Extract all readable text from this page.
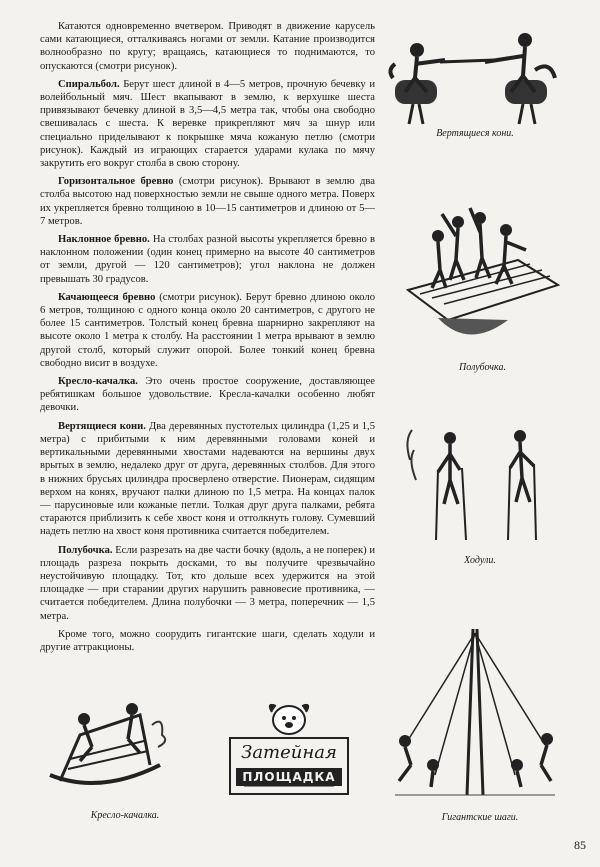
Катаются одновременно вчетвером. Приводят в движение карусель сами катающиеся, отталкиваясь ногами от земли. Катание производится волнообразно по кругу; вращаясь, катающиеся то поднимаются, то опускаются (смотри рисунок).

Спиральбол. Берут шест длиной в 4—5 метров, прочную бечевку и волейбольный мяч. Шест вкапывают в землю, к верхушке шеста привязывают бечевку длиной в 3,5—4,5 метра так, чтобы она свободно свешивалась с шеста. К веревке прикрепляют мяч за шнур или специально приделывают к покрышке мяча кожаную петлю (смотри рисунок). Каждый из играющих старается ударами кулака по мячу закрутить его вокруг столба в свою сторону.

Горизонтальное бревно (смотри рисунок). Врывают в землю два столба высотою над поверхностью земли не свыше одного метра. Поверх их укрепляется бревно толщиною в 10—15 сантиметров и длиною от 5—7 метров.

Наклонное бревно. На столбах разной высоты укрепляется бревно в наклонном положении (один конец примерно на высоте 40 сантиметров от земли, другой — 120 сантиметров); угол наклона не должен превышать 30 градусов.

Качающееся бревно (смотри рисунок). Берут бревно длиною около 6 метров, толщиною с одного конца около 20 сантиметров, с другого не более 15 сантиметров. Толстый конец бревна шарнирно закрепляют на высоте около 1 метра к столбу. На расстоянии 1 метра врывают в землю другой столб, который служит опорой. Более тонкий конец бревна свободно висит в воздухе.

Кресло-качалка. Это очень простое сооружение, доставляющее ребятишкам большое удовольствие. Кресла-качалки особенно любят девочки.

Вертящиеся кони. Два деревянных пустотелых цилиндра (1,25 и 1,5 метра) с прибитыми к ним деревянными головами коней и вертикальными деревянными хвостами надеваются на вершины двух врытых в землю, недалеко друг от друга, деревянных столбов. Для этого в нижних брусьях цилиндра просверлено отверстие. Пионерам, сидящим верхом на конях, вручают палки длиною по 1,5 метра. На концах палок — парусиновые или кожаные петли. Толкая друг друга палками, ребята стараются приблизить к себе хвост коня и оттолкнуть голову. Сумевший надеть петлю на хвост коня противника считается победителем.

Полубочка. Если разрезать на две части бочку (вдоль, а не поперек) и площадь разреза покрыть досками, то вы получите чрезвычайно неустойчивую площадку. Тот, кто дольше всех удержится на этой площадке — при старании других нарушить равновесие противника, — считается победителем. Длина полубочки — 3 метра, поперечник — 1,5 метра.

Кроме того, можно соорудить гигантские шаги, сделать ходули и другие аттракционы.

Вертящиеся кони.
Полубочка.
Ходули.
Кресло-качалка.
Затейная
ПЛОЩАДКА
Гигантские шаги.
85
